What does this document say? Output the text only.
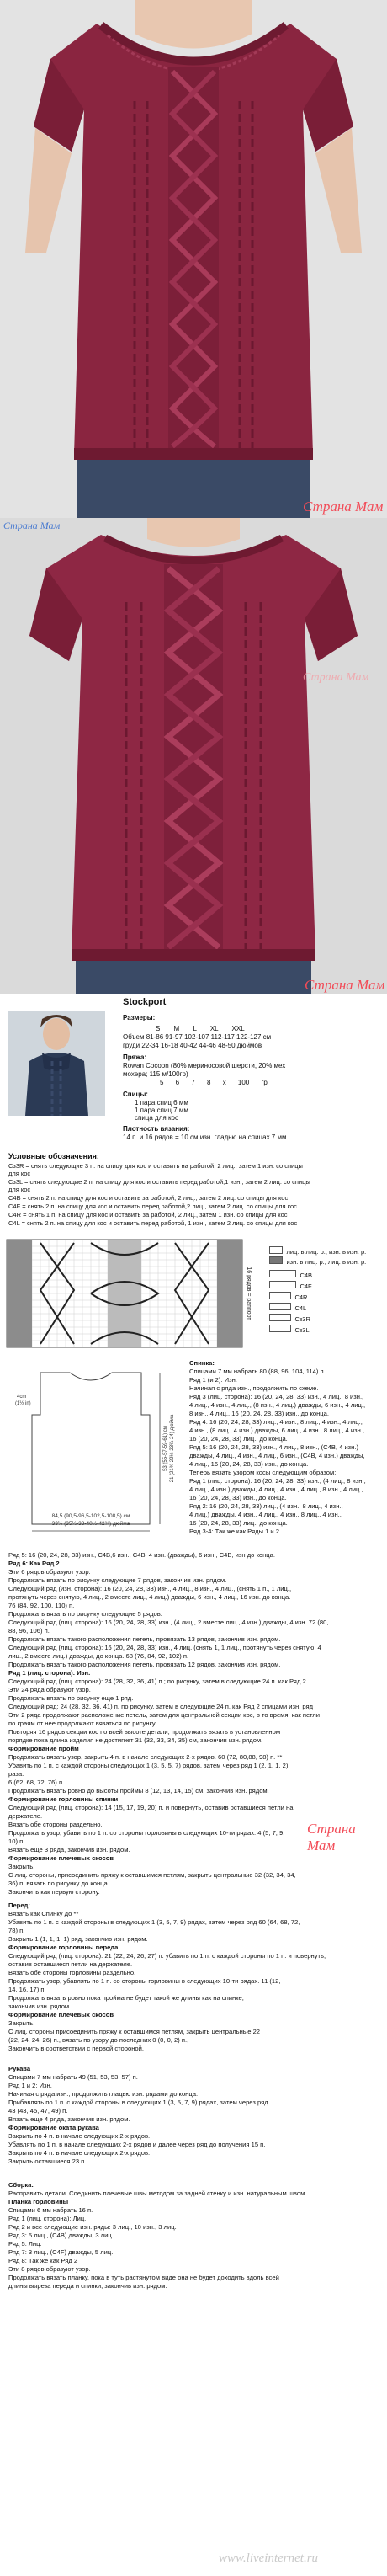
Страна Мам
Страна Мам
Страна Мам
Страна Мам
Stockport
Размеры:
S M L XL XXL
Объем 81-86 91-97 102-107 112-117 122-127 см
груди 22-34 16-18 40-42 44-46 48-50 дюймов
Пряжа:
Rowan Cocoon (80% мериносовой шерсти, 20% мех
мохера; 115 м/100гр)
5 6 7 8 x 100 гр
Спицы:
1 пара спиц 6 мм
1 пара спиц 7 мм
спица для кос
Плотность вязания:
14 п. и 16 рядов = 10 см изн. гладью на спицах 7 мм.
Условные обозначения:
Сз3R = снять следующие 3 п. на спицу для кос и оставить на работой, 2 лиц., затем 1 изн. со спицы
для кос
Сз3L = снять следующие 2 п. на спицу для кос и оставить перед работой,1 изн., затем 2 лиц. со спицы
для кос
C4B = снять 2 п. на спицу для кос и оставить за работой, 2 лиц., затем 2 лиц. со спицы для кос
C4F = снять 2 п. на спицу для кос и оставить перед работой,2 лиц., затем 2 лиц. со спицы для кос
C4R = снять 1 п. на спицу для кос и оставить за работой, 2 лиц., затем 1 изн. со спицы для кос
C4L = снять 2 п. на спицу для кос и оставить перед работой, 1 изн., затем 2 лиц. со спицы для кос
16 рядов = раппорт
лиц. в лиц. р.; изн. в изн. р.
изн. в лиц. р.; лиц. в изн. р.
C4B
C4F
C4R
C4L
Сз3R
Сз3L
84,5 (90,5-96,5-102,5-108,5) см
33¼ (35½-38-40½-42¾) дюйма
53 (55-57-59-61) см 21 (21¾-22½-23¼-24) дюйма
4cm
(1½ in)
Спинка:
Спицами 7 мм набрать 80 (88, 96, 104, 114) п.
Ряд 1 (и 2): Изн.
Начиная с ряда изн., продолжить по схеме.
Ряд 3 (лиц. сторона): 16 (20, 24, 28, 33) изн., 4 лиц., 8 изн.,
4 лиц., 4 изн., 4 лиц., (8 изн., 4 лиц.) дважды, 6 изн., 4 лиц.,
8 изн., 4 лиц., 16 (20, 24, 28, 33) изн., до конца.
Ряд 4: 16 (20, 24, 28, 33) лиц., 4 изн., 8 лиц., 4 изн., 4 лиц.,
4 изн., (8 лиц., 4 изн.) дважды, 6 лиц., 4 изн., 8 лиц., 4 изн.,
16 (20, 24, 28, 33) лиц., до конца.
Ряд 5: 16 (20, 24, 28, 33) изн., 4 лиц., 8 изн., (C4B, 4 изн.)
дважды, 4 лиц., 4 изн., 4 лиц., 6 изн., (C4B, 4 изн.) дважды,
4 лиц., 16 (20, 24, 28, 33) изн., до конца.
Теперь вязать узором косы следующим образом:
Ряд 1 (лиц. сторона): 16 (20, 24, 28, 33) изн., (4 лиц., 8 изн.,
4 лиц., 4 изн.) дважды, 4 лиц., 4 изн., 4 лиц., 8 изн., 4 лиц.,
16 (20, 24, 28, 33) изн., до конца.
Ряд 2: 16 (20, 24, 28, 33) лиц., (4 изн., 8 лиц., 4 изн.,
4 лиц.) дважды, 4 изн., 4 лиц., 4 изн., 8 лиц., 4 изн.,
16 (20, 24, 28, 33) лиц., до конца.
Ряд 3-4: Так же как Ряды 1 и 2.
Ряд 5: 16 (20, 24, 28, 33) изн., C4B,6 изн., C4B, 4 изн. (дважды), 6 изн., C4B, изн до конца.
Ряд 6: Как Ряд 2
Эти 6 рядов образуют узор.
Продолжать вязать по рисунку следующие 7 рядов, закончив изн. рядом.
Следующий ряд (изн. сторона): 16 (20, 24, 28, 33) изн., 4 лиц., 8 изн., 4 лиц., (снять 1 п., 1 лиц.,
протянуть через снятую, 4 лиц., 2 вместе лиц., 4 лиц.) дважды, 6 изн., 4 лиц., 16 изн. до конца.
76 (84, 92, 100, 110) п.
Продолжать вязать по рисунку следующие 5 рядов.
Следующий ряд (лиц. сторона): 16 (20, 24, 28, 33) изн., (4 лиц., 2 вместе лиц., 4 изн.) дважды, 4 изн. 72 (80,
88, 96, 106) п.
Продолжать вязать такого расположения петель, провязать 13 рядов, закончив изн. рядом.
Следующий ряд (лиц. сторона): 16 (20, 24, 28, 33) изн., 4 лиц. (снять 1, 1 лиц., протянуть через снятую, 4
лиц., 2 вместе лиц.) дважды, до конца. 68 (76, 84, 92, 102) п.
Продолжать вязать такого расположения петель, провязать 12 рядов, закончив изн. рядом.
Ряд 1 (лиц. сторона): Изн.
Следующий ряд (лиц. сторона): 24 (28, 32, 36, 41) п.; по рисунку, затем в следующие 24 п. как Ряд 2
Эти 24 ряда образуют узор.
Продолжать вязать по рисунку еще 1 ряд.
Следующий ряд: 24 (28, 32, 36, 41) п. по рисунку, затем в следующие 24 п. как Ряд 2 спицами изн. ряд
Эти 2 ряда продолжают расположение петель, затем для центральной секции кос, в то время, как петли
по краям от нее продолжают вязаться по рисунку.
Повторяя 16 рядов секции кос по всей высоте детали, продолжать вязать в установленном
порядке пока длина изделия не достигнет 31 (32, 33, 34, 35) см, закончив изн. рядом.
Формирование пройм
Продолжать вязать узор, закрыть 4 п. в начале следующих 2-х рядов. 60 (72, 80,88, 98) п. **
Убавить по 1 п. с каждой стороны следующих 1 (3, 5, 5, 7) рядов, затем через ряд 1 (2, 1, 1, 2)
раза.
6 (62, 68, 72, 76) п.
Продолжать вязать ровно до высоты проймы 8 (12, 13, 14, 15) см, закончив изн. рядом.
Формирование горловины спинки
Следующий ряд (лиц. сторона): 14 (15, 17, 19, 20) п. и повернуть, оставив оставшиеся петли на
держателе.
Вязать обе стороны раздельно.
Продолжать узор, убавить по 1 п. со стороны горловины в следующих 10-ти рядах. 4 (5, 7, 9,
10) п.
Вязать еще 3 ряда, закончив изн. рядом.
Формирование плечевых скосов
Закрыть.
С лиц. стороны, присоединить пряжу к оставшимся петлям, закрыть центральные 32 (32, 34, 34,
36) п. вязать по рисунку до конца.
Закончить как первую сторону.
Страна Мам
Перед:
Вязать как Спинку до **
Убавить по 1 п. с каждой стороны в следующих 1 (3, 5, 7, 9) рядах, затем через ряд 60 (64, 68, 72,
78) п.
Закрыть 1 (1, 1, 1, 1) ряд, закончив изн. рядом.
Формирование горловины переда
Следующий ряд (лиц. сторона): 21 (22, 24, 26, 27) п. убавить по 1 п. с каждой стороны по 1 п. и повернуть,
оставив оставшиеся петли на держателе.
Вязать обе стороны горловины раздельно.
Продолжать узор, убавлять по 1 п. со стороны горловины в следующих 10-ти рядах. 11 (12,
14, 16, 17) п.
Продолжать вязать ровно пока пройма не будет такой же длины как на спинке,
закончив изн. рядом.
Формирование плечевых скосов
Закрыть.
С лиц. стороны присоединить пряжу к оставшимся петлям, закрыть центральные 22
(22, 24, 24, 26) п., вязать по узору до последних 0 (0, 0, 2) п.,
Закончить в соответствии с первой стороной.
Рукава
Спицами 7 мм набрать 49 (51, 53, 53, 57) п.
Ряд 1 и 2: Изн.
Начиная с ряда изн., продолжить гладью изн. рядами до конца.
Прибавлять по 1 п. с каждой стороны в следующих 1 (3, 5, 7, 9) рядах, затем через ряд
43 (43, 45, 47, 49) п.
Вязать еще 4 ряда, закончив изн. рядом.
Формирование оката рукава
Закрыть по 4 п. в начале следующих 2-х рядов.
Убавлять по 1 п. в начале следующих 2-х рядов и далее через ряд до получения 15 п.
Закрыть по 4 п. в начале следующих 2-х рядов.
Закрыть оставшиеся 23 п.
Сборка:
Расправить детали. Соединить плечевые швы методом за задней стенку и изн. натуральным швом.
Планка горловины
Спицами 6 мм набрать 16 п.
Ряд 1 (лиц. сторона): Лиц.
Ряд 2 и все следующие изн. ряды: 3 лиц., 10 изн., 3 лиц.
Ряд 3: 5 лиц., (C4B) дважды, 3 лиц.
Ряд 5: Лиц.
Ряд 7: 3 лиц., (C4F) дважды, 5 лиц.
Ряд 8: Так же как Ряд 2
Эти 8 рядов образуют узор.
Продолжать вязать планку, пока в туть растянутом виде она не будет доходить вдоль всей
длины выреза переда и спинки, закончив изн. рядом.
www.liveinternet.ru
